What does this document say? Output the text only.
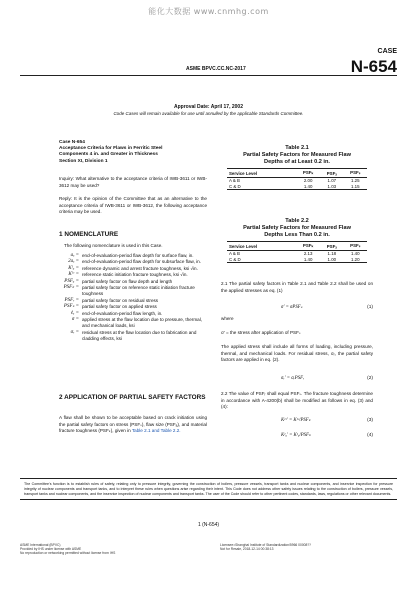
能化大数据 www.cnmhg.com
CASE
N-654
ASME BPVC.CC.NC-2017
Approval Date: April 17, 2002
Code Cases will remain available for use until annulled by the applicable Standards Committee.
Case N-654
Acceptance Criteria for Flaws in Ferritic Steel
Components 4 in. and Greater in Thickness
Section XI, Division 1
Inquiry: What alternative to the acceptance criteria of IWB-3611 or IWB-3612 may be used?
Reply: It is the opinion of the Committee that as an alternative to the acceptance criteria of IWB-3611 or IWB-3612, the following acceptance criteria may be used.
1 NOMENCLATURE
The following nomenclature is used in this Case.
aₑ = end-of-evaluation-period flaw depth for surface flaw, in.
2aₑ = end-of-evaluation-period flaw depth for subsurface flaw, in.
Kᴵₐ = reference dynamic and arrest fracture toughness, ksi √in.
Kᴵᶜ = reference static initiation fracture toughness, ksi √in.
PSFₐ = partial safety factor on flaw depth and length
PSFₖ = partial safety factor on reference static initiation fracture toughness
PSFᵣ = partial safety factor on residual stress
PSFₛ = partial safety factor on applied stress
ℓₑ = end-of-evaluation-period flaw length, in.
σ = applied stress at the flaw location due to pressure, thermal, and mechanical loads, ksi
σᵣ = residual stress at the flaw location due to fabrication and cladding effects, ksi
2 APPLICATION OF PARTIAL SAFETY FACTORS
A flaw shall be shown to be acceptable based on crack initiation using the partial safety factors on stress (PSFₛ), flaw size (PSFₐ), and material fracture toughness (PSFₖ), given in Table 2.1 and Table 2.2.
Table 2.1
Partial Safety Factors for Measured Flaw
Depths of at Least 0.2 in.
Service Level	PSFₖ	PSFₐ	PSFₛ
A & B	2.00	1.07	1.25
C & D	1.40	1.03	1.15
Table 2.2
Partial Safety Factors for Measured Flaw
Depths Less Than 0.2 in.
Service Level	PSFₖ	PSFₐ	PSFₛ
A & B	2.13	1.18	1.40
C & D	1.40	1.00	1.20
2.1 The partial safety factors in Table 2.1 and Table 2.2 shall be used on the applied stresses as eq. (1)
σ′ = σPSFₛ	(1)
where
σ′ = the stress after application of PSFₛ
The applied stress shall include all forms of loading, including pressure, thermal, and mechanical loads. For residual stress, σᵣ, the partial safety factors are applied in eq. (2).
σᵣ′ = σᵣPSFᵣ	(2)
2.2 The value of PSFᵣ shall equal PSFₛ. The fracture toughness determine in accordance with A-4200(b) shall be modified as follows in eq. (3) and (4):
Kᴵᶜ′ = Kᴵᶜ/PSFₖ	(3)
Kᴵₐ′ = Kᴵₐ/PSFₖ	(4)
The Committee's function is to establish rules of safety, relating only to pressure integrity, governing the construction of boilers, pressure vessels, transport tanks and nuclear components, and inservice inspection for pressure integrity of nuclear components and transport tanks, and to interpret these rules when questions arise regarding their intent. This Code does not address other safety issues relating to the construction of boilers, pressure vessels, transport tanks and nuclear components, and the inservice inspection of nuclear components and transport tanks. The user of the Code should refer to other pertinent codes, standards, laws, regulations or other relevant documents.
1 (N-654)
ASME International (BPVC)
Provided by IHS under license with ASME
No reproduction or networking permitted without license from IHS
Licensee=Shanghai Institute of Standardization/5966 00008??
Not for Resale, 2018-12-14 00:38:13
